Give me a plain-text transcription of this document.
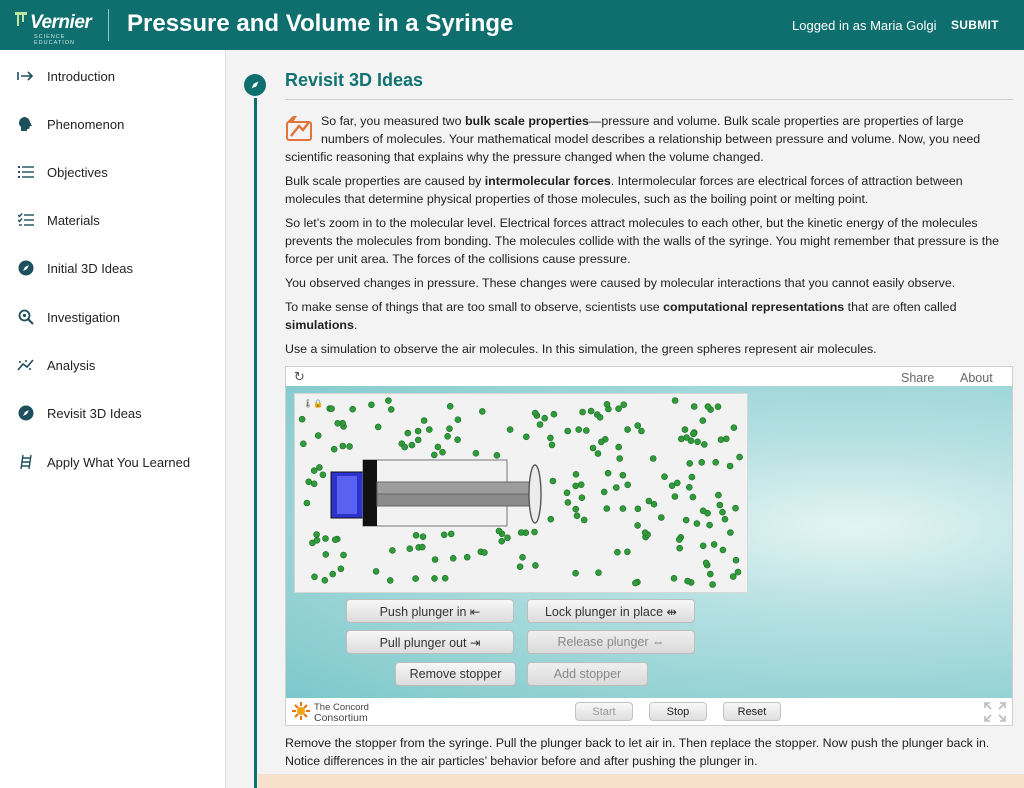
Vernier
SCIENCE EDUCATION
Pressure and Volume in a Syringe	Logged in as Maria Golgi SUBMIT
Introduction
Phenomenon
Objectives
Materials
Initial 3D Ideas
Investigation
Analysis
Revisit 3D Ideas
Apply What You Learned
Revisit 3D Ideas
So far, you measured two bulk scale properties—pressure and volume. Bulk scale properties are properties of large numbers of molecules. Your mathematical model describes a relationship between pressure and volume. Now, you need scientific reasoning that explains why the pressure changed when the volume changed.
Bulk scale properties are caused by intermolecular forces. Intermolecular forces are electrical forces of attraction between molecules that determine physical properties of those molecules, such as the boiling point or melting point.
So let’s zoom in to the molecular level. Electrical forces attract molecules to each other, but the kinetic energy of the molecules prevents the molecules from bonding. The molecules collide with the walls of the syringe. You might remember that pressure is the force per unit area. The forces of the collisions cause pressure.
You observed changes in pressure. These changes were caused by molecular interactions that you cannot easily observe.
To make sense of things that are too small to observe, scientists use computational representations that are often called simulations.
Use a simulation to observe the air molecules. In this simulation, the green spheres represent air molecules.
↻	Share About
🌡🔒
Push plunger in ⇤	Lock plunger in place ⇹
Pull plunger out ⇥	Release plunger ⇔
Remove stopper	Add stopper
The Concord
Consortium
Start	Stop	Reset
Remove the stopper from the syringe. Pull the plunger back to let air in. Then replace the stopper. Now push the plunger back in. Notice differences in the air particles’ behavior before and after pushing the plunger in.
